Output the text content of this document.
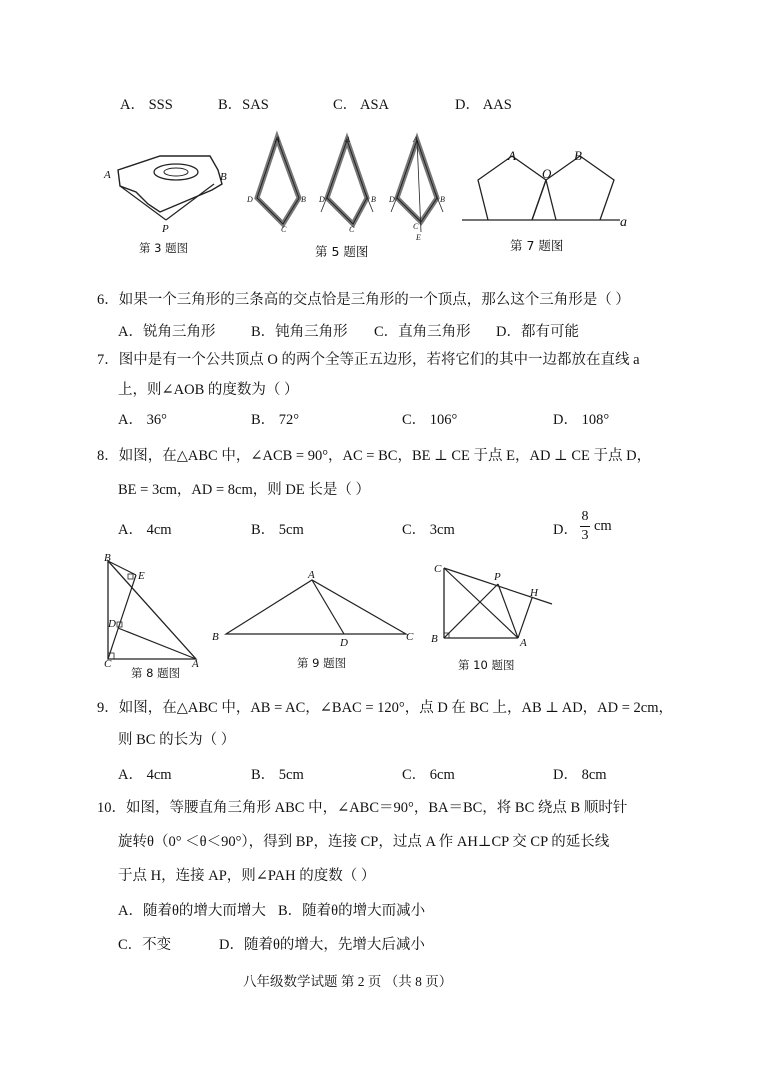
A． SSS	B．SAS	C． ASA	D． AAS
A	B
P
第 3 题图
A
D	B
C
A
D	B
C
A
D	B
C
E
第 5 题图
A
O
B
a
第 7 题图
6．如果一个三角形的三条高的交点恰是三角形的一个顶点，那么这个三角形是（ ）
A．锐角三角形 B．钝角三角形 C．直角三角形 D．都有可能
7．图中是有一个公共顶点 O 的两个全等正五边形，若将它们的其中一边都放在直线 a
上，则∠AOB 的度数为（ ）
A． 36°	B． 72°	C． 106°	D． 108°
8．如图，在△ABC 中，∠ACB = 90°，AC = BC，BE ⊥ CE 于点 E，AD ⊥ CE 于点 D，
BE = 3cm，AD = 8cm，则 DE 长是（ ）
A． 4cm	B． 5cm	C． 3cm	D．
8
3
cm
B
E
D
C	A
第 8 题图
A
B	D	C
第 9 题图
C
P
H
B	A
第 10 题图
9．如图，在△ABC 中，AB = AC，∠BAC = 120°，点 D 在 BC 上，AB ⊥ AD，AD = 2cm，
则 BC 的长为（ ）
A． 4cm	B． 5cm	C． 6cm	D． 8cm
10．如图，等腰直角三角形 ABC 中，∠ABC＝90°，BA＝BC，将 BC 绕点 B 顺时针
旋转θ（0° ＜θ＜90°），得到 BP，连接 CP，过点 A 作 AH⊥CP 交 CP 的延长线
于点 H，连接 AP，则∠PAH 的度数（ ）
A．随着θ的增大而增大 B．随着θ的增大而减小
C．不变	D．随着θ的增大，先增大后减小
八年级数学试题 第 2 页 （共 8 页）
